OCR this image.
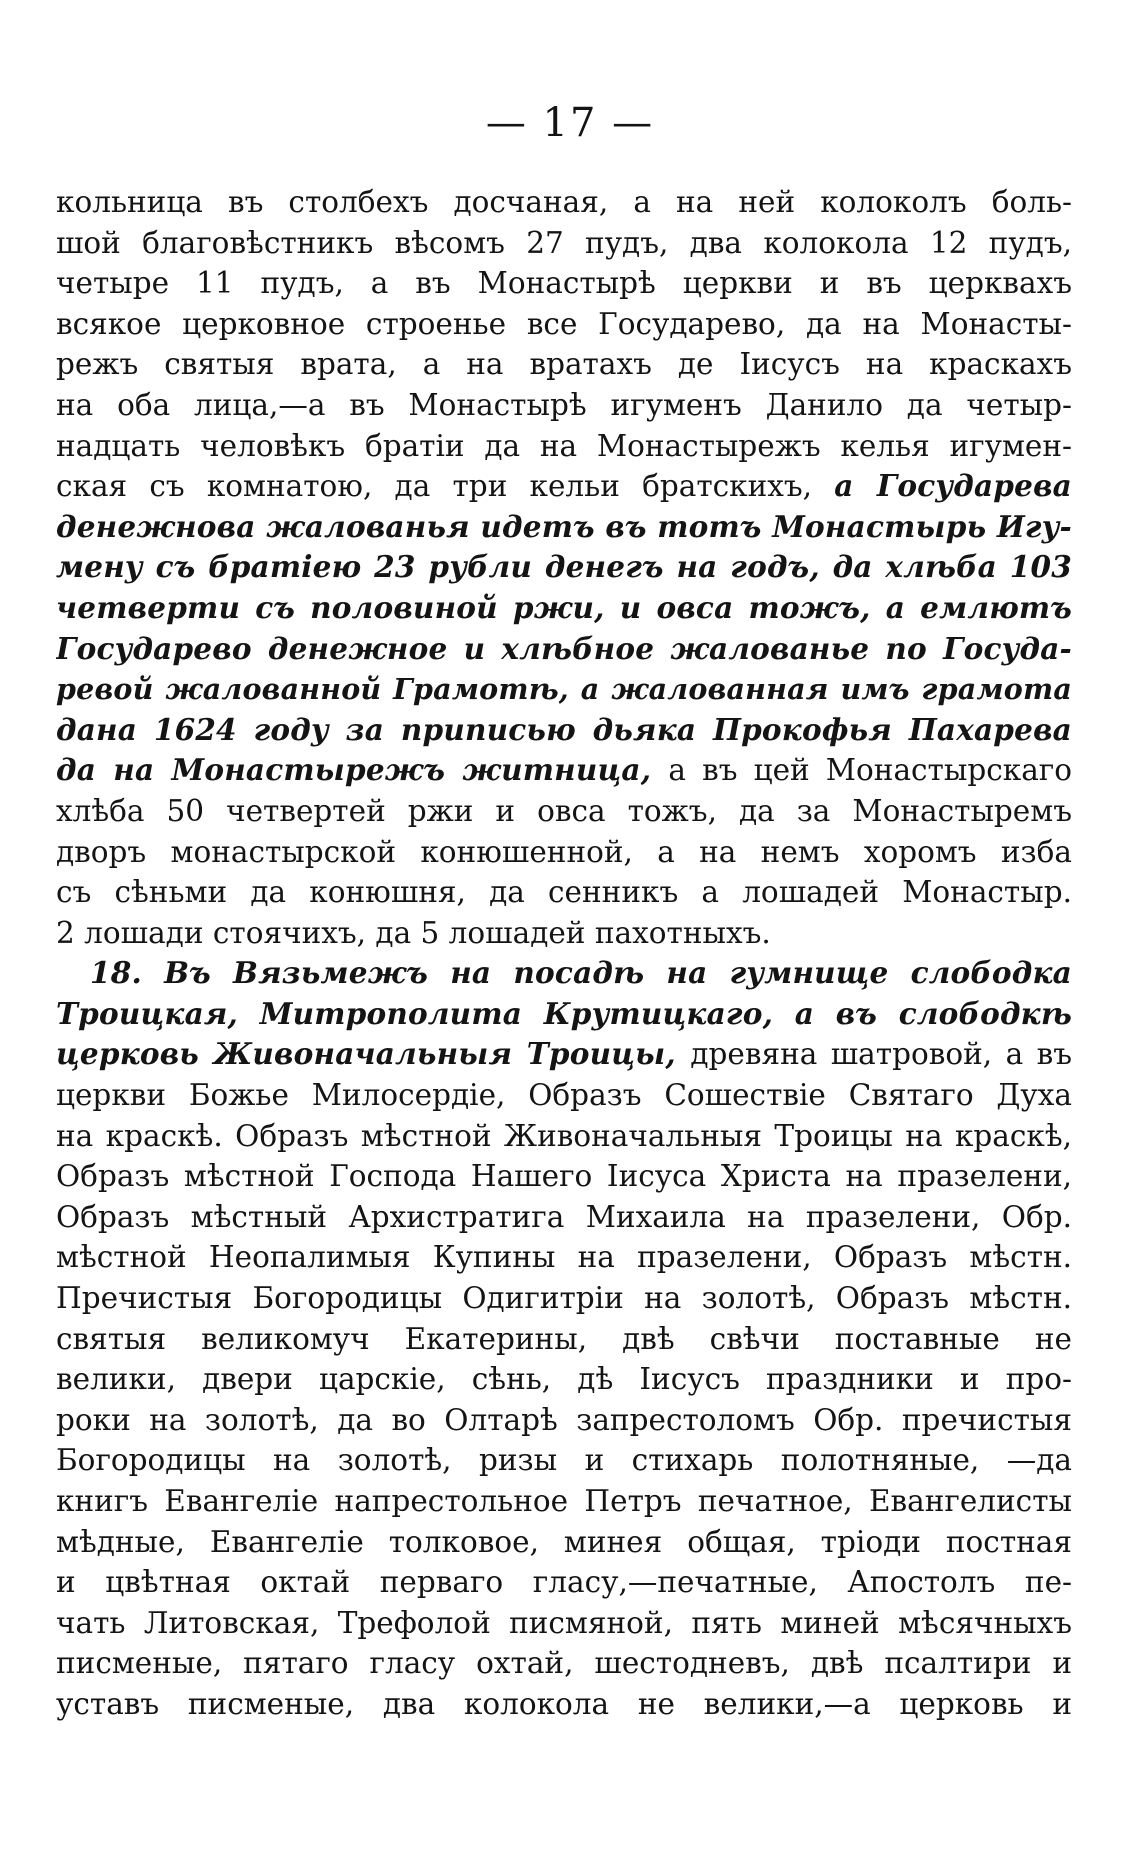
— 17 —
кольница въ столбехъ досчаная, а на ней колоколъ боль-
шой благовѣстникъ вѣсомъ 27 пудъ, два колокола 12 пудъ,
четыре 11 пудъ, а въ Монастырѣ церкви и въ церквахъ
всякое церковное строенье все Государево, да на Монасты-
режъ святыя врата, а на вратахъ де Іисусъ на краскахъ
на оба лица,—а въ Монастырѣ игуменъ Данило да четыр-
надцать человѣкъ братіи да на Монастырежъ келья игумен-
ская съ комнатою, да три кельи братскихъ, а Государева
денежнова жалованья идетъ въ тотъ Монастырь Игу-
мену съ братіею 23 рубли денегъ на годъ, да хлѣба 103
четверти съ половиной ржи, и овса тожъ, а емлютъ
Государево денежное и хлѣбное жалованье по Госуда-
ревой жалованной Грамотѣ, а жалованная имъ грамота
дана 1624 году за приписью дьяка Прокофья Пахарева
да на Монастырежъ житница, а въ цей Монастырскаго
хлѣба 50 четвертей ржи и овса тожъ, да за Монастыремъ
дворъ монастырской конюшенной, а на немъ хоромъ изба
съ сѣньми да конюшня, да сенникъ а лошадей Монастыр.
2 лошади стоячихъ, да 5 лошадей пахотныхъ.
18. Въ Вязьмежъ на посадѣ на гумнище слободка
Троицкая, Митрополита Крутицкаго, а въ слободкѣ
церковь Живоначальныя Троицы, древяна шатровой, а въ
церкви Божье Милосердіе, Образъ Сошествіе Святаго Духа
на краскѣ. Образъ мѣстной Живоначальныя Троицы на краскѣ,
Образъ мѣстной Господа Нашего Іисуса Христа на празелени,
Образъ мѣстный Архистратига Михаила на празелени, Обр.
мѣстной Неопалимыя Купины на празелени, Образъ мѣстн.
Пречистыя Богородицы Одигитріи на золотѣ, Образъ мѣстн.
святыя великомуч Екатерины, двѣ свѣчи поставные не
велики, двери царскіе, сѣнь, дѣ Іисусъ праздники и про-
роки на золотѣ, да во Олтарѣ запрестоломъ Обр. пречистыя
Богородицы на золотѣ, ризы и стихарь полотняные, —да
книгъ Евангеліе напрестольное Петръ печатное, Евангелисты
мѣдные, Евангеліе толковое, минея общая, тріоди постная
и цвѣтная октай перваго гласу,—печатные, Апостолъ пе-
чать Литовская, Трефолой писмяной, пять миней мѣсячныхъ
писменые, пятаго гласу охтай, шестодневъ, двѣ псалтири и
уставъ писменые, два колокола не велики,—а церковь и
